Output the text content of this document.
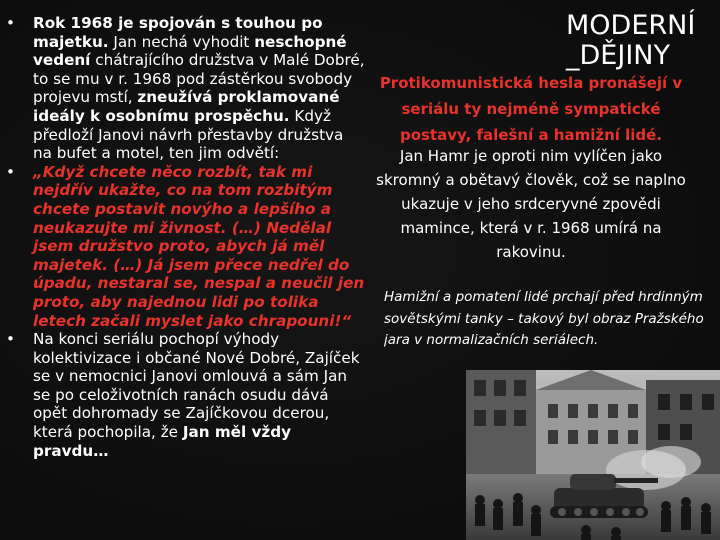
• Rok 1968 je spojován s touhou po majetku. Jan nechá vyhodit neschopné vedení chátrajícího družstva v Malé Dobré, to se mu v r. 1968 pod zástěrkou svobody projevu mstí, zneužívá proklamované ideály k osobnímu prospěchu. Když předloží Janovi návrh přestavby družstva na bufet a motel, ten jim odvětí:
• „Když chcete něco rozbít, tak mi nejdřív ukažte, co na tom rozbitým chcete postavit novýho a lepšího a neukazujte mi živnost. (…) Nedělal jsem družstvo proto, abych já měl majetek. (…) Já jsem přece nedřel do úpadu, nestaral se, nespal a neučil jen proto, aby najednou lidi po tolika letech začali myslet jako chrapouni!“
• Na konci seriálu pochopí výhody kolektivizace i občané Nové Dobré, Zajíček se v nemocnici Janovi omlouvá a sám Jan se po celoživotních ranách osudu dává opět dohromady se Zajíčkovou dcerou, která pochopila, že Jan měl vždy pravdu…
MODERNÍ
_DĚJINY
Protikomunistická hesla pronášejí v seriálu ty nejméně sympatické postavy, falešní a hamižní lidé.
Jan Hamr je oproti nim vylíčen jako skromný a obětavý člověk, což se naplno ukazuje v jeho srdceryvné zpovědi mamince, která v r. 1968 umírá na rakovinu.
Hamižní a pomatení lidé prchají před hrdinným
sovětskými tanky – takový byl obraz Pražského
jara v normalizačních seriálech.
